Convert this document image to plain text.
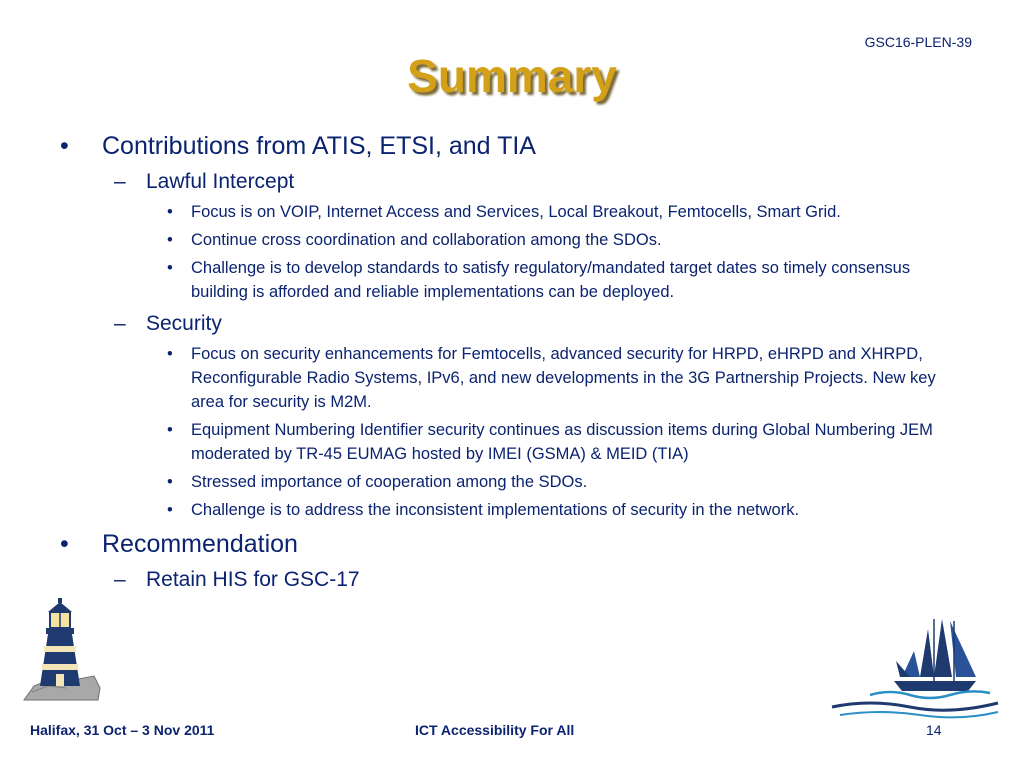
GSC16-PLEN-39
Summary
• Contributions from ATIS, ETSI, and TIA
– Lawful Intercept
• Focus is on VOIP, Internet Access and Services, Local Breakout, Femtocells, Smart Grid.
• Continue cross coordination and collaboration among the SDOs.
• Challenge is to develop standards to satisfy regulatory/mandated target dates so timely consensus building is afforded and reliable implementations can be deployed.
– Security
• Focus on security enhancements for Femtocells, advanced security for HRPD, eHRPD and XHRPD, Reconfigurable Radio Systems, IPv6, and new developments in the 3G Partnership Projects. New key area for security is M2M.
• Equipment Numbering Identifier security continues as discussion items during Global Numbering JEM moderated by TR-45 EUMAG hosted by IMEI (GSMA) & MEID (TIA)
• Stressed importance of cooperation among the SDOs.
• Challenge is to address the inconsistent implementations of security in the network.
• Recommendation
– Retain HIS for GSC-17
Halifax, 31 Oct – 3 Nov 2011	ICT Accessibility For All	14
